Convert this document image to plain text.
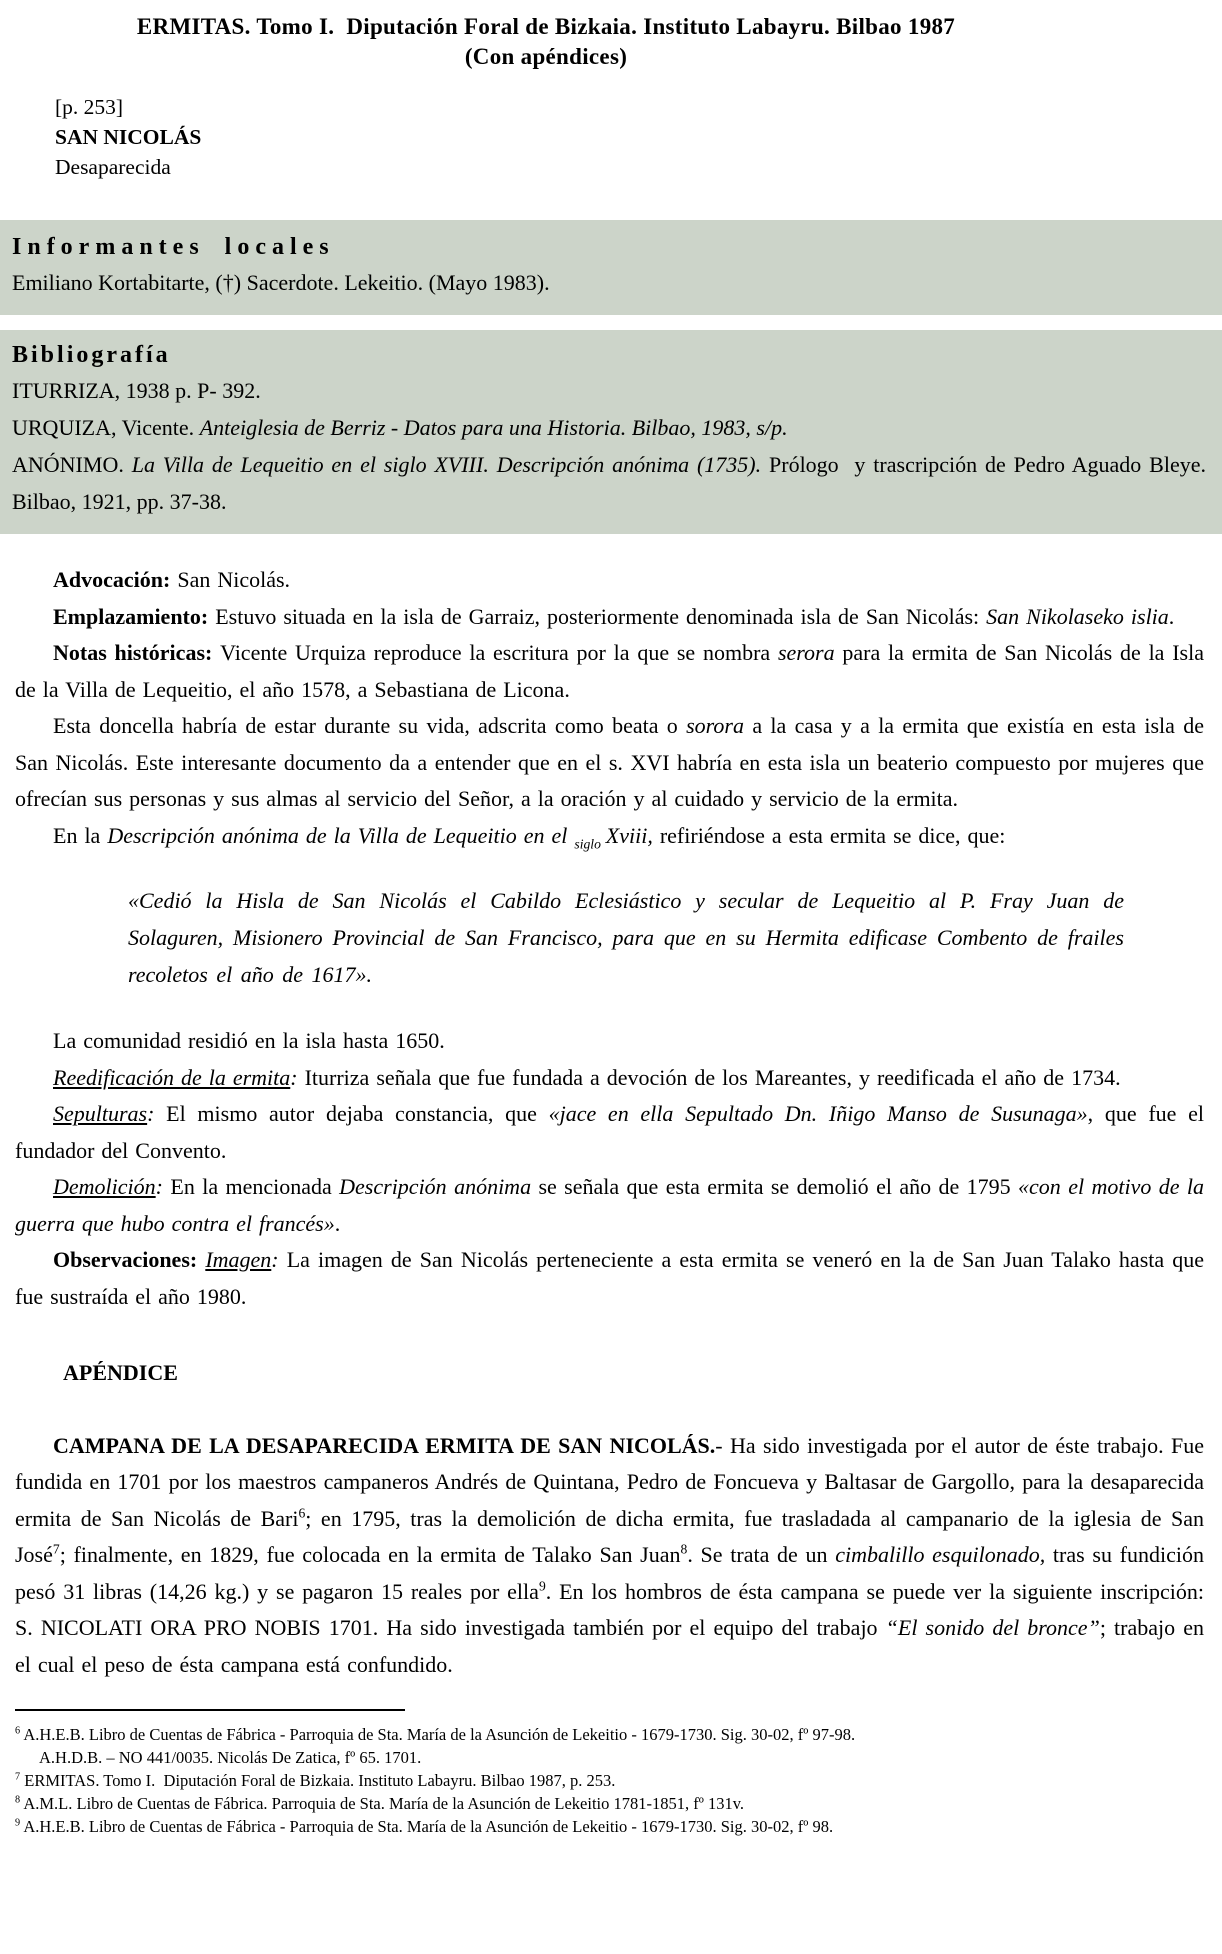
ERMITAS. Tomo I.  Diputación Foral de Bizkaia. Instituto Labayru. Bilbao 1987
(Con apéndices)
[p. 253]
SAN NICOLÁS
Desaparecida
Informantes locales
Emiliano Kortabitarte, (†) Sacerdote. Lekeitio. (Mayo 1983).
Bibliografía

ITURRIZA, 1938 p. P- 392.

URQUIZA, Vicente. Anteiglesia de Berriz - Datos para una Historia. Bilbao, 1983, s/p.

ANÓNIMO. La Villa de Lequeitio en el siglo XVIII. Descripción anónima (1735). Prólogo  y trascripción de Pedro Aguado Bleye. Bilbao, 1921, pp. 37-38.

Advocación: San Nicolás.

Emplazamiento: Estuvo situada en la isla de Garraiz, posteriormente denominada isla de San Nicolás: San Nikolaseko islia.

Notas históricas: Vicente Urquiza reproduce la escritura por la que se nombra serora para la ermita de San Nicolás de la Isla de la Villa de Lequeitio, el año 1578, a Sebastiana de Licona.

Esta doncella habría de estar durante su vida, adscrita como beata o sorora a la casa y a la ermita que existía en esta isla de San Nicolás. Este interesante documento da a entender que en el s. XVI habría en esta isla un beaterio compuesto por mujeres que ofrecían sus personas y sus almas al servicio del Señor, a la oración y al cuidado y servicio de la ermita.

En la Descripción anónima de la Villa de Lequeitio en el $_{siglo}$ Xviii, refiriéndose a esta ermita se dice, que:

«Cedió la Hisla de San Nicolás el Cabildo Eclesiástico y secular de Lequeitio al P. Fray Juan de Solaguren, Misionero Provincial de San Francisco, para que en su Hermita edificase Combento de frailes recoletos el año de 1617».

La comunidad residió en la isla hasta 1650.

Reedificación de la ermita: Iturriza señala que fue fundada a devoción de los Mareantes, y reedificada el año de 1734.

Sepulturas: El mismo autor dejaba constancia, que «jace en ella Sepultado Dn. Iñigo Manso de Susunaga», que fue el fundador del Convento.

Demolición: En la mencionada Descripción anónima se señala que esta ermita se demolió el año de 1795 «con el motivo de la guerra que hubo contra el francés».

Observaciones: Imagen: La imagen de San Nicolás perteneciente a esta ermita se veneró en la de San Juan Talako hasta que fue sustraída el año 1980.

APÉNDICE

CAMPANA DE LA DESAPARECIDA ERMITA DE SAN NICOLÁS.- Ha sido investigada por el autor de éste trabajo. Fue fundida en 1701 por los maestros campaneros Andrés de Quintana, Pedro de Foncueva y Baltasar de Gargollo, para la desaparecida ermita de San Nicolás de Bari$^6$; en 1795, tras la demolición de dicha ermita, fue trasladada al campanario de la iglesia de San José$^7$; finalmente, en 1829, fue colocada en la ermita de Talako San Juan$^8$. Se trata de un cimbalillo esquilonado, tras su fundición pesó 31 libras (14,26 kg.) y se pagaron 15 reales por ella$^9$. En los hombros de ésta campana se puede ver la siguiente inscripción: S. NICOLATI ORA PRO NOBIS 1701. Ha sido investigada también por el equipo del trabajo “El sonido del bronce”; trabajo en el cual el peso de ésta campana está confundido.

$^6$ A.H.E.B. Libro de Cuentas de Fábrica - Parroquia de Sta. María de la Asunción de Lekeitio - 1679-1730. Sig. 30-02, fº 97-98.

A.H.D.B. – NO 441/0035. Nicolás De Zatica, fº 65. 1701.

$^7$ ERMITAS. Tomo I.  Diputación Foral de Bizkaia. Instituto Labayru. Bilbao 1987, p. 253.

$^8$ A.M.L. Libro de Cuentas de Fábrica. Parroquia de Sta. María de la Asunción de Lekeitio 1781-1851, fº 131v.

$^9$ A.H.E.B. Libro de Cuentas de Fábrica - Parroquia de Sta. María de la Asunción de Lekeitio - 1679-1730. Sig. 30-02, fº 98.
